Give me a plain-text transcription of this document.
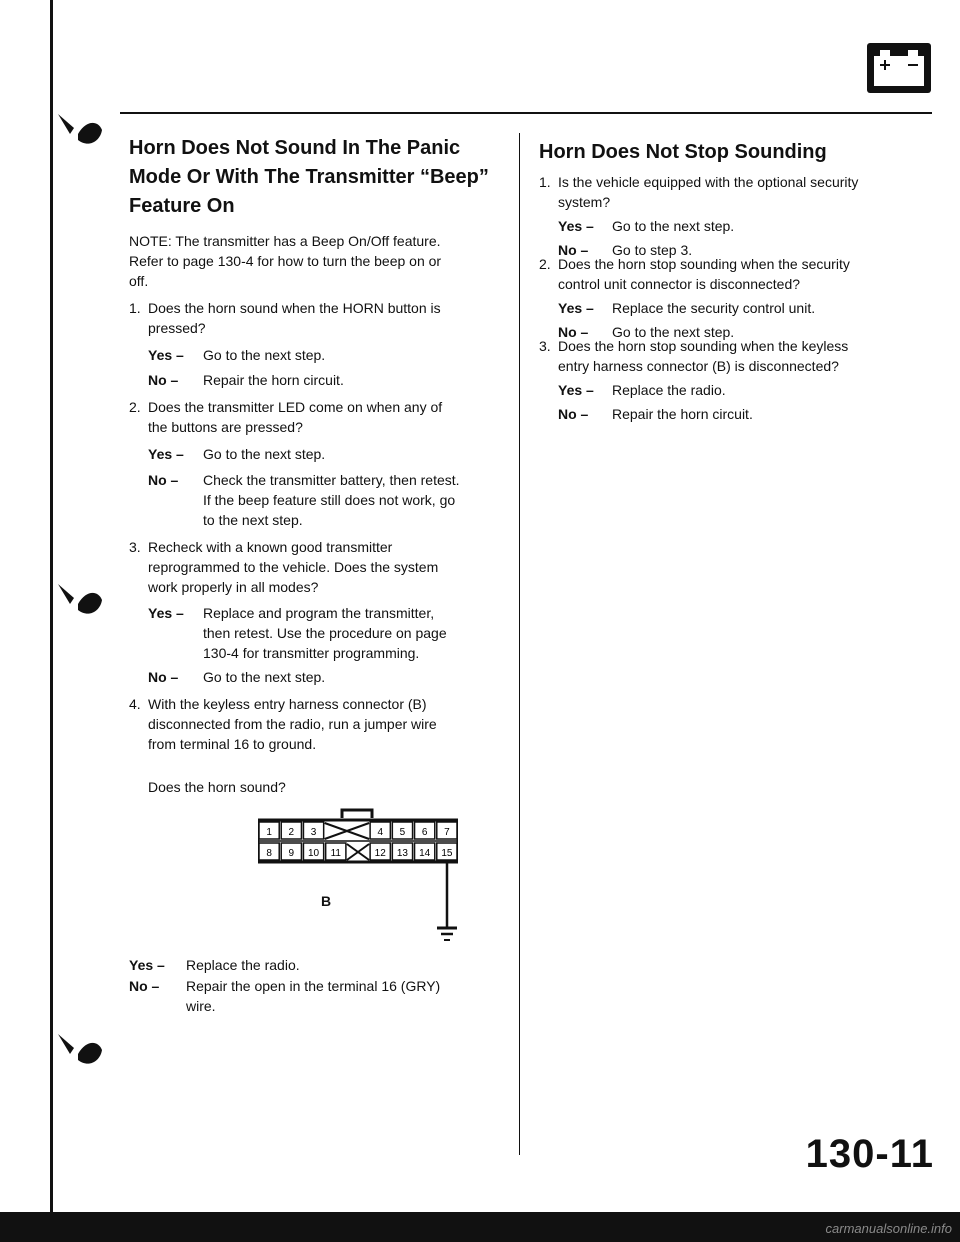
Horn Does Not Sound In The Panic
Mode Or With The Transmitter “Beep”
Feature On
NOTE: The transmitter has a Beep On/Off feature.
Refer to page 130-4 for how to turn the beep on or
off.
1. Does the horn sound when the HORN button is
pressed?
Yes – Go to the next step.
No – Repair the horn circuit.
2. Does the transmitter LED come on when any of
the buttons are pressed?
Yes – Go to the next step.
No – Check the transmitter battery, then retest.
If the beep feature still does not work, go
to the next step.
3. Recheck with a known good transmitter
reprogrammed to the vehicle. Does the system
work properly in all modes?
Yes – Replace and program the transmitter,
then retest. Use the procedure on page
130-4 for transmitter programming.
No – Go to the next step.
4. With the keyless entry harness connector (B)
disconnected from the radio, run a jumper wire
from terminal 16 to ground.
Does the horn sound?
1 2 3	4 5 6 7
8 9 10 11	12 13 14 15
B
Yes – Replace the radio.
No – Repair the open in the terminal 16 (GRY)
wire.
Horn Does Not Stop Sounding
1. Is the vehicle equipped with the optional security
system?
Yes – Go to the next step.
No – Go to step 3.
2. Does the horn stop sounding when the security
control unit connector is disconnected?
Yes – Replace the security control unit.
No – Go to the next step.
3. Does the horn stop sounding when the keyless
entry harness connector (B) is disconnected?
Yes – Replace the radio.
No – Repair the horn circuit.
130-11
carmanualsonline.info
